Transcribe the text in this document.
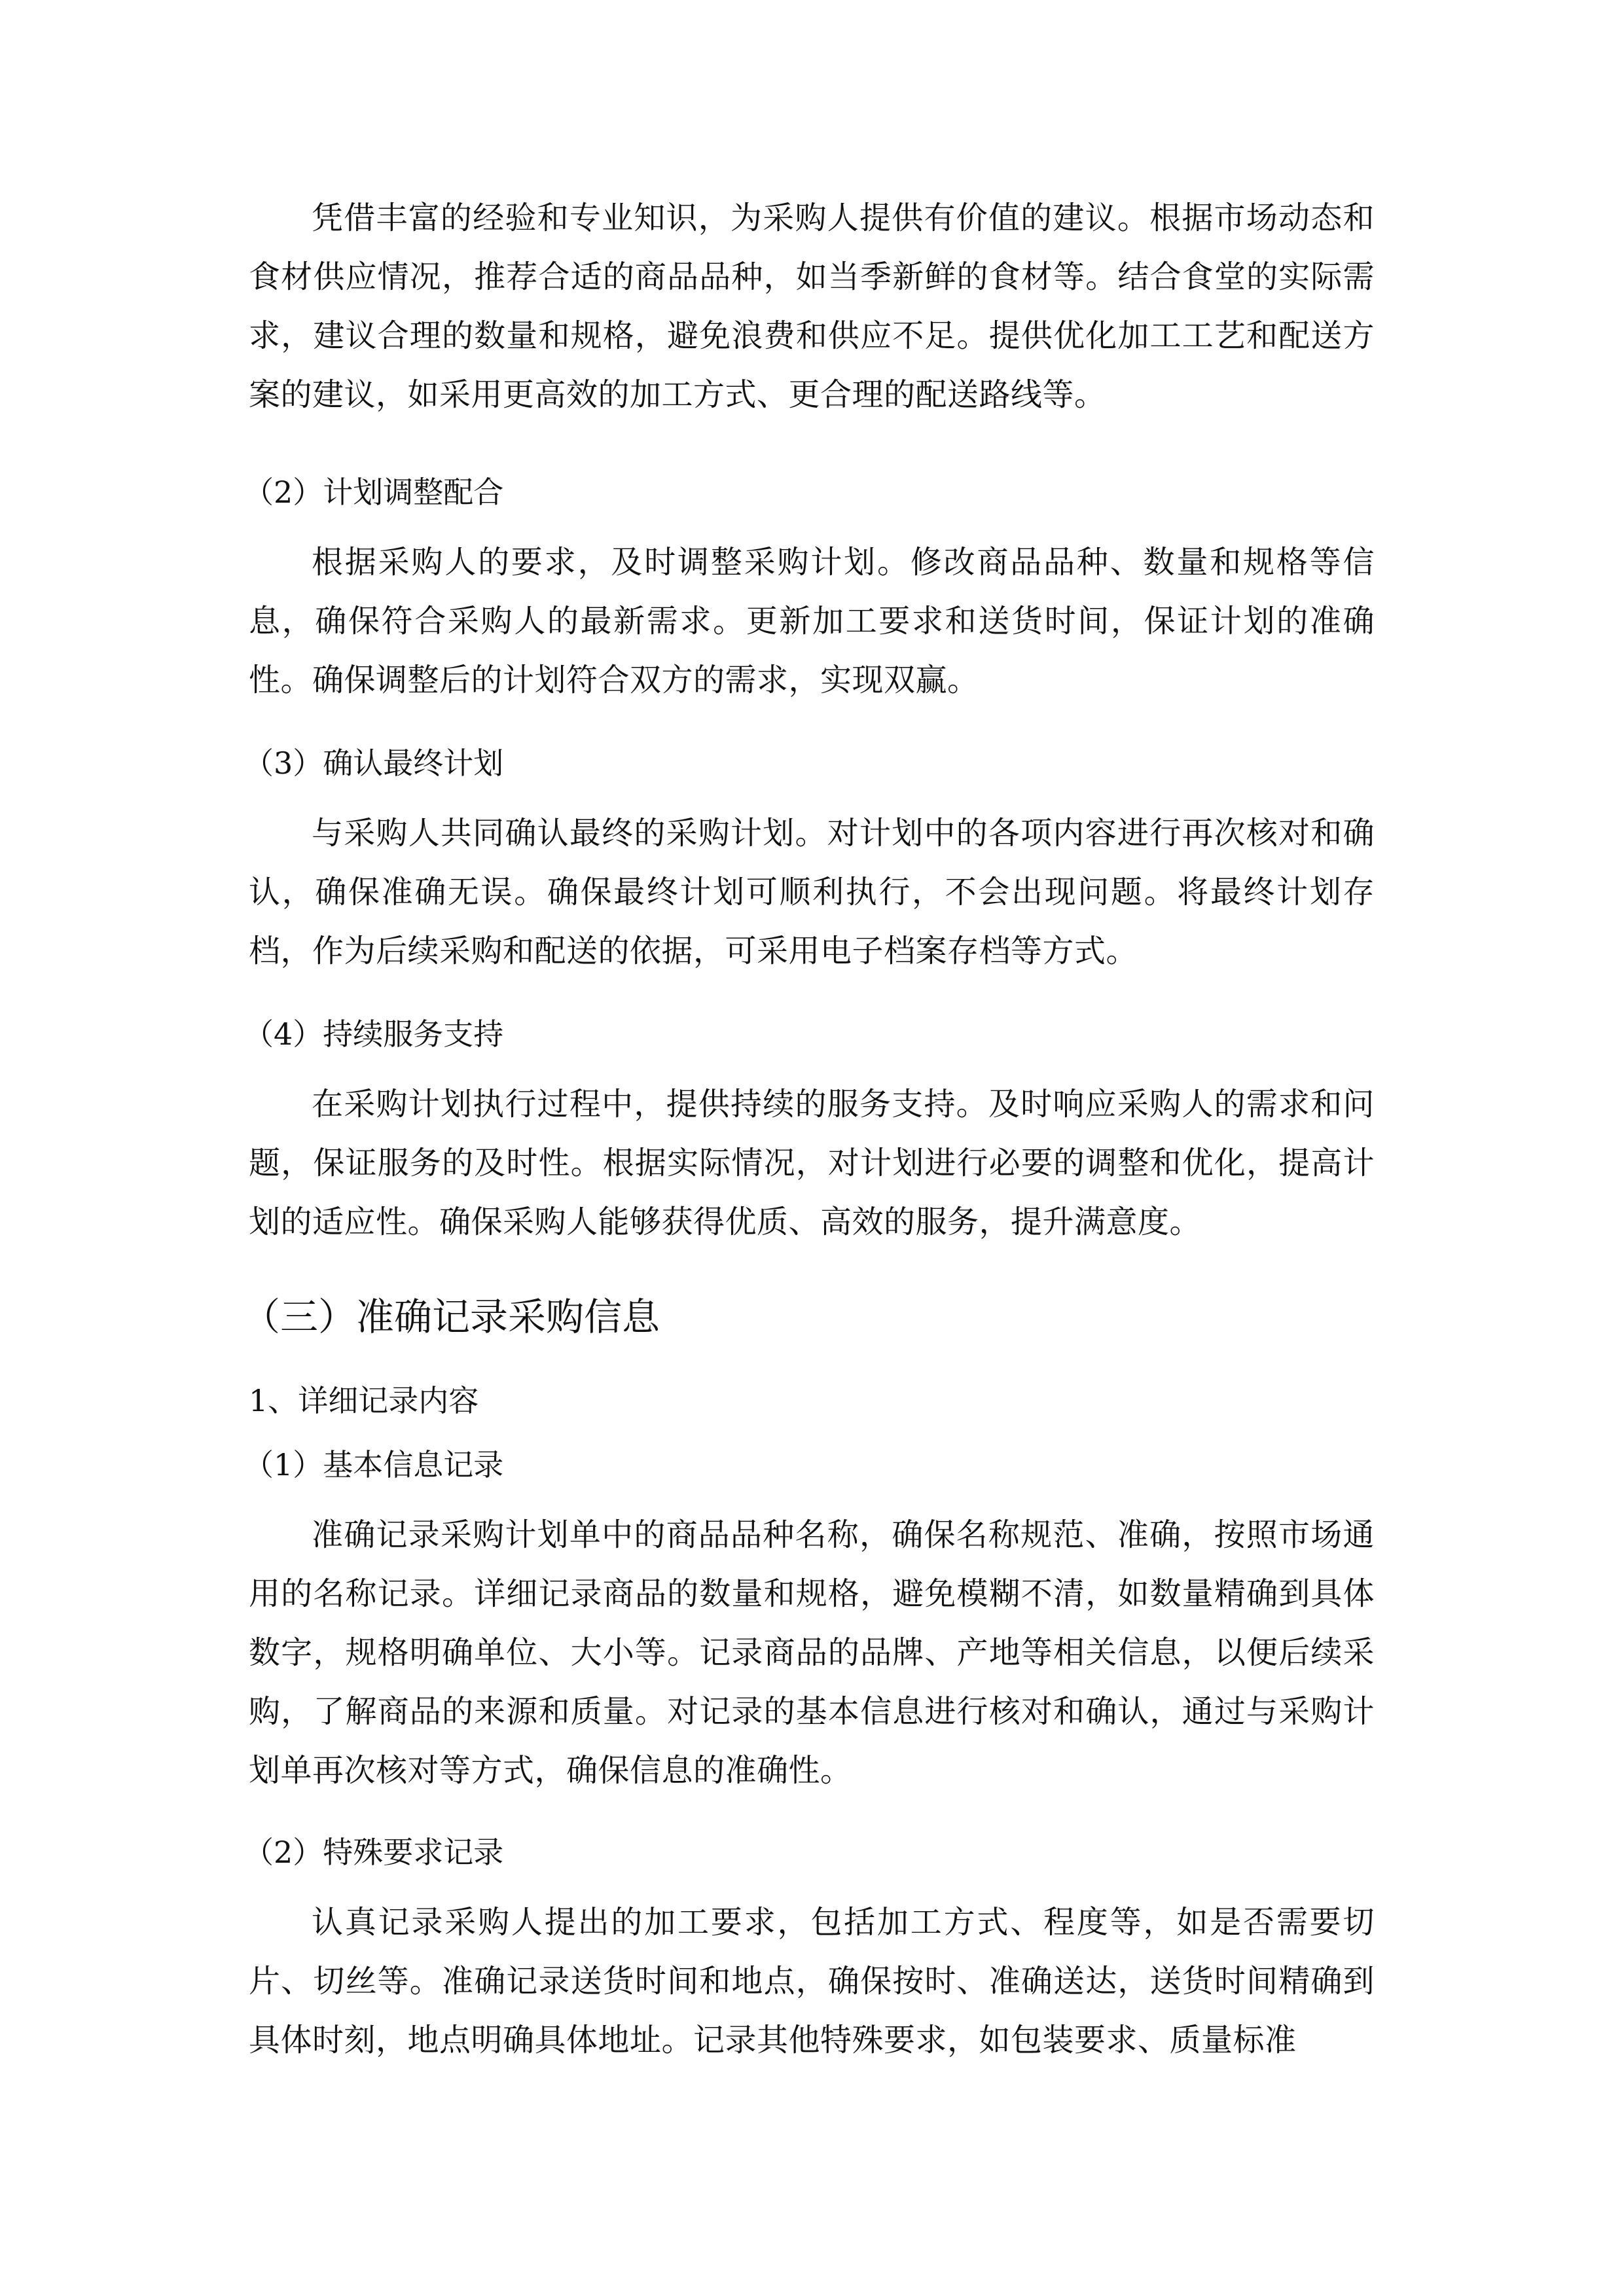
凭借丰富的经验和专业知识，为采购人提供有价值的建议。根据市场动态和食材供应情况，推荐合适的商品品种，如当季新鲜的食材等。结合食堂的实际需求，建议合理的数量和规格，避免浪费和供应不足。提供优化加工工艺和配送方案的建议，如采用更高效的加工方式、更合理的配送路线等。

（2）计划调整配合

根据采购人的要求，及时调整采购计划。修改商品品种、数量和规格等信息，确保符合采购人的最新需求。更新加工要求和送货时间，保证计划的准确性。确保调整后的计划符合双方的需求，实现双赢。

（3）确认最终计划

与采购人共同确认最终的采购计划。对计划中的各项内容进行再次核对和确认，确保准确无误。确保最终计划可顺利执行，不会出现问题。将最终计划存档，作为后续采购和配送的依据，可采用电子档案存档等方式。

（4）持续服务支持

在采购计划执行过程中，提供持续的服务支持。及时响应采购人的需求和问题，保证服务的及时性。根据实际情况，对计划进行必要的调整和优化，提高计划的适应性。确保采购人能够获得优质、高效的服务，提升满意度。

（三）准确记录采购信息

1、详细记录内容

（1）基本信息记录

准确记录采购计划单中的商品品种名称，确保名称规范、准确，按照市场通用的名称记录。详细记录商品的数量和规格，避免模糊不清，如数量精确到具体数字，规格明确单位、大小等。记录商品的品牌、产地等相关信息，以便后续采购，了解商品的来源和质量。对记录的基本信息进行核对和确认，通过与采购计划单再次核对等方式，确保信息的准确性。

（2）特殊要求记录

认真记录采购人提出的加工要求，包括加工方式、程度等，如是否需要切片、切丝等。准确记录送货时间和地点，确保按时、准确送达，送货时间精确到具体时刻，地点明确具体地址。记录其他特殊要求，如包装要求、质量标准
